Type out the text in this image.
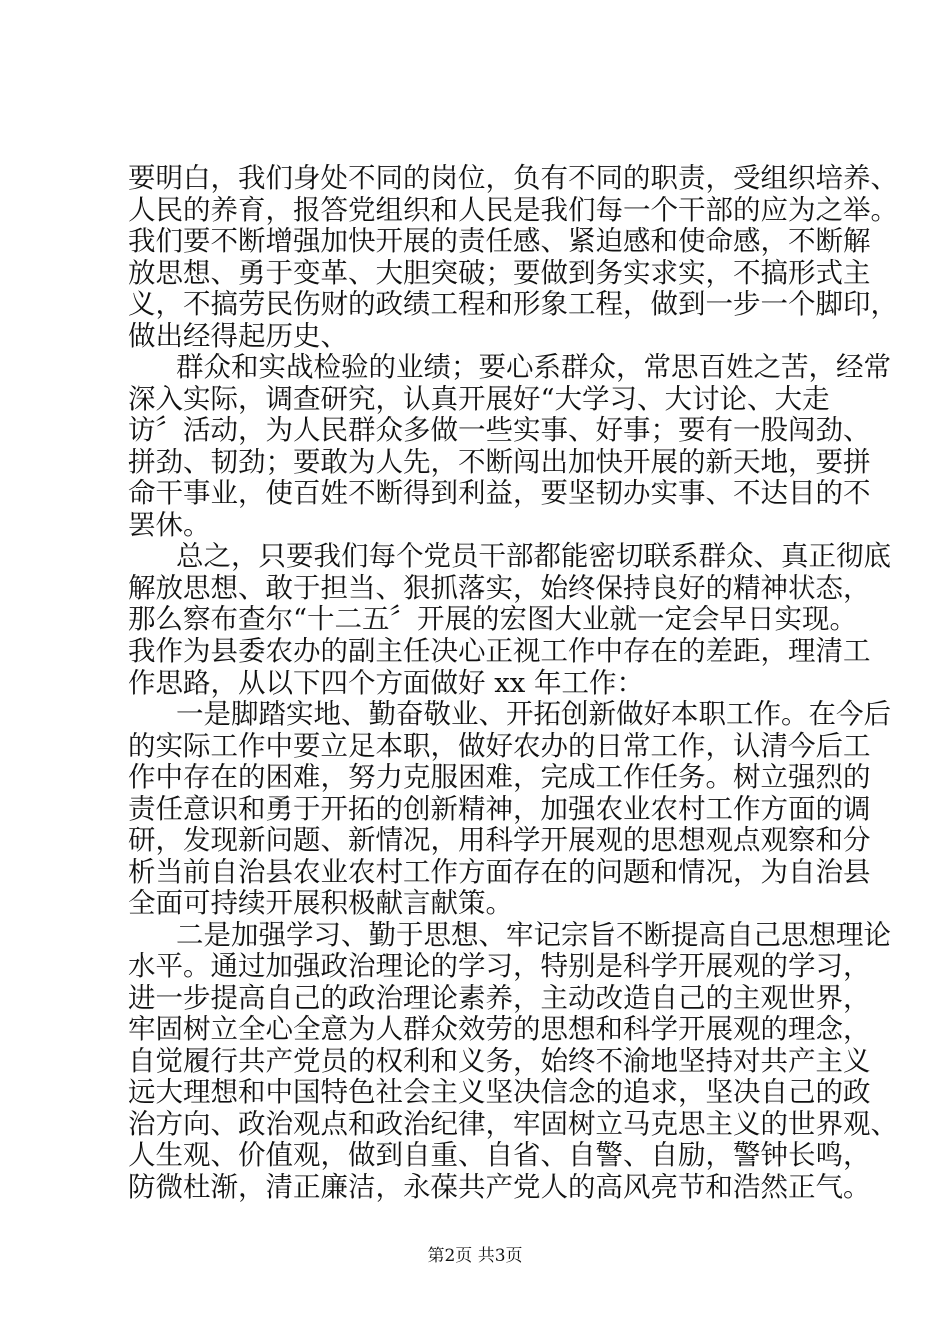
要明白，我们身处不同的岗位，负有不同的职责，受组织培养、
人民的养育，报答党组织和人民是我们每一个干部的应为之举。
我们要不断增强加快开展的责任感、紧迫感和使命感，不断解
放思想、勇于变革、大胆突破；要做到务实求实，不搞形式主
义，不搞劳民伤财的政绩工程和形象工程，做到一步一个脚印，
做出经得起历史、
群众和实战检验的业绩；要心系群众，常思百姓之苦，经常
深入实际，调查研究，认真开展好“大学习、大讨论、大走
访〞活动，为人民群众多做一些实事、好事；要有一股闯劲、
拼劲、韧劲；要敢为人先，不断闯出加快开展的新天地，要拼
命干事业，使百姓不断得到利益，要坚韧办实事、不达目的不
罢休。
总之，只要我们每个党员干部都能密切联系群众、真正彻底
解放思想、敢于担当、狠抓落实，始终保持良好的精神状态，
那么察布查尔“十二五〞开展的宏图大业就一定会早日实现。
我作为县委农办的副主任决心正视工作中存在的差距，理清工
作思路，从以下四个方面做好 xx 年工作：
一是脚踏实地、勤奋敬业、开拓创新做好本职工作。在今后
的实际工作中要立足本职，做好农办的日常工作，认清今后工
作中存在的困难，努力克服困难，完成工作任务。树立强烈的
责任意识和勇于开拓的创新精神，加强农业农村工作方面的调
研，发现新问题、新情况，用科学开展观的思想观点观察和分
析当前自治县农业农村工作方面存在的问题和情况，为自治县
全面可持续开展积极献言献策。
二是加强学习、勤于思想、牢记宗旨不断提高自己思想理论
水平。通过加强政治理论的学习，特别是科学开展观的学习，
进一步提高自己的政治理论素养，主动改造自己的主观世界，
牢固树立全心全意为人群众效劳的思想和科学开展观的理念，
自觉履行共产党员的权利和义务，始终不渝地坚持对共产主义
远大理想和中国特色社会主义坚决信念的追求，坚决自己的政
治方向、政治观点和政治纪律，牢固树立马克思主义的世界观、
人生观、价值观，做到自重、自省、自警、自励，警钟长鸣，
防微杜渐，清正廉洁，永葆共产党人的高风亮节和浩然正气。
第2页 共3页
